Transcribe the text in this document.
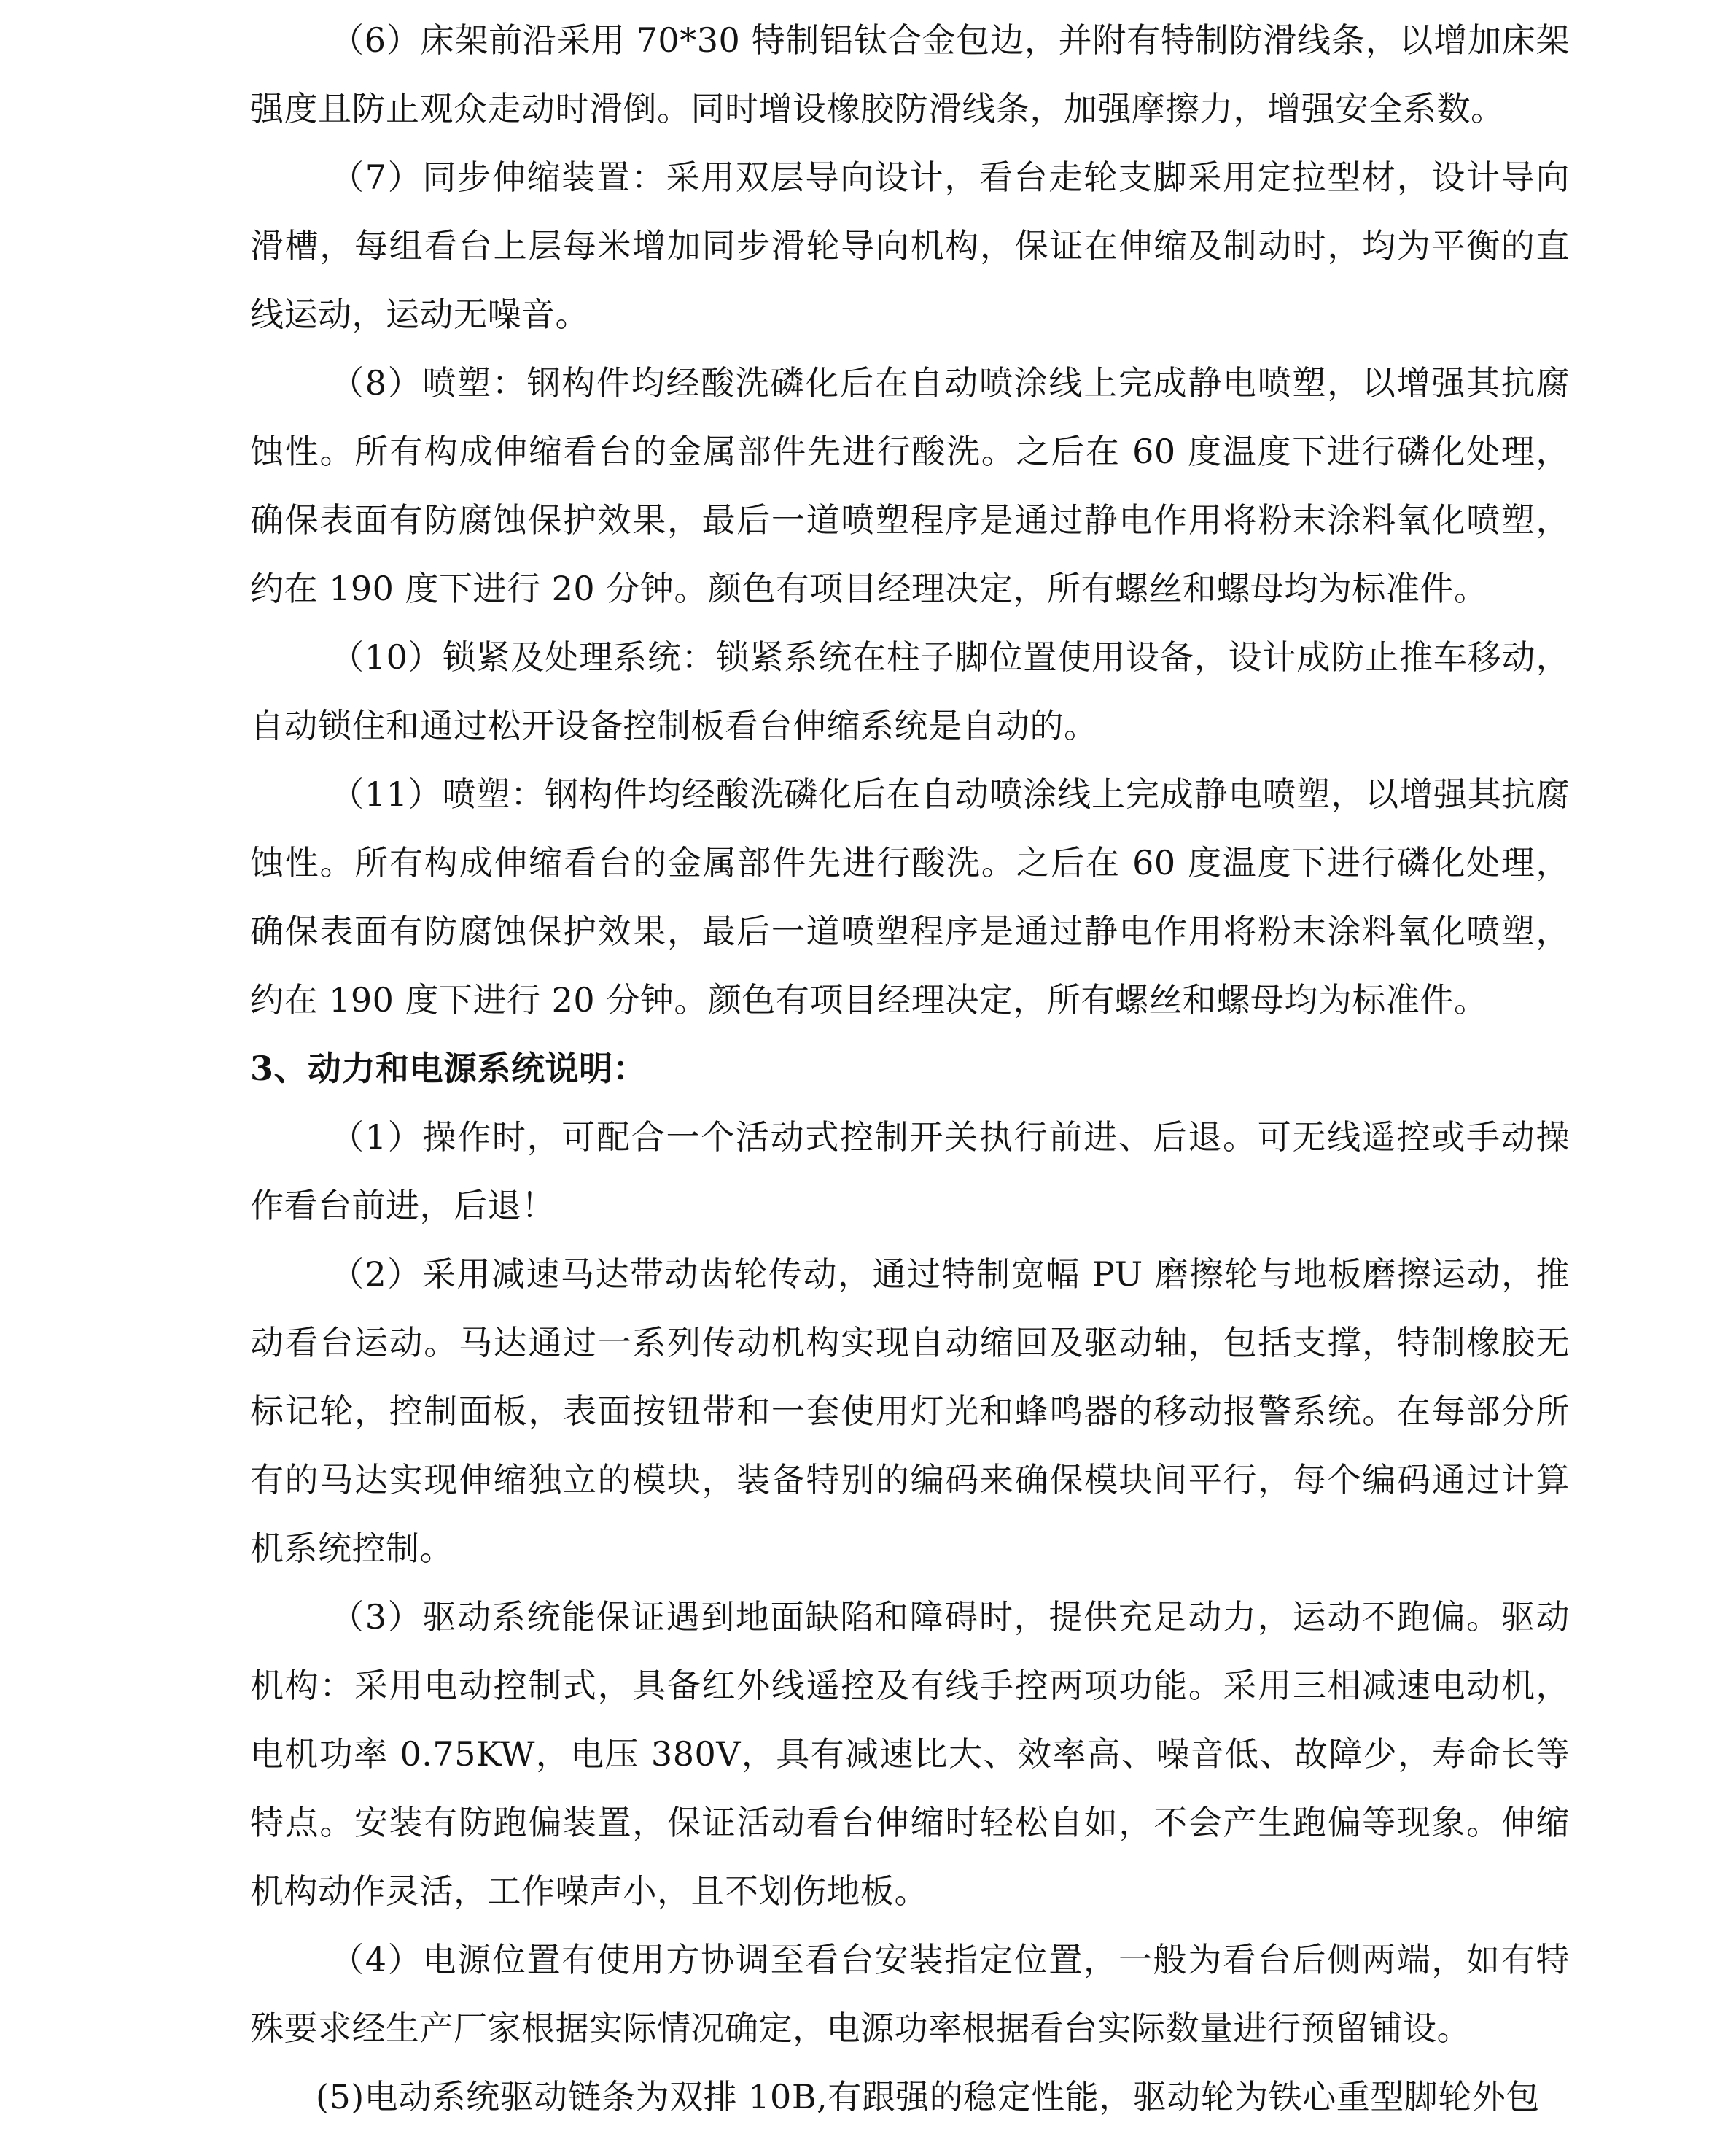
（6）床架前沿采用 70*30 特制铝钛合金包边，并附有特制防滑线条，以增加床架强度且防止观众走动时滑倒。同时增设橡胶防滑线条，加强摩擦力，增强安全系数。

（7）同步伸缩装置：采用双层导向设计，看台走轮支脚采用定拉型材，设计导向滑槽，每组看台上层每米增加同步滑轮导向机构，保证在伸缩及制动时，均为平衡的直线运动，运动无噪音。

（8）喷塑：钢构件均经酸洗磷化后在自动喷涂线上完成静电喷塑，以增强其抗腐蚀性。所有构成伸缩看台的金属部件先进行酸洗。之后在 60 度温度下进行磷化处理，确保表面有防腐蚀保护效果，最后一道喷塑程序是通过静电作用将粉末涂料氧化喷塑，约在 190 度下进行 20 分钟。颜色有项目经理决定，所有螺丝和螺母均为标准件。

（10）锁紧及处理系统：锁紧系统在柱子脚位置使用设备，设计成防止推车移动，自动锁住和通过松开设备控制板看台伸缩系统是自动的。

（11）喷塑：钢构件均经酸洗磷化后在自动喷涂线上完成静电喷塑，以增强其抗腐蚀性。所有构成伸缩看台的金属部件先进行酸洗。之后在 60 度温度下进行磷化处理，确保表面有防腐蚀保护效果，最后一道喷塑程序是通过静电作用将粉末涂料氧化喷塑，约在 190 度下进行 20 分钟。颜色有项目经理决定，所有螺丝和螺母均为标准件。

3、动力和电源系统说明：

（1）操作时，可配合一个活动式控制开关执行前进、后退。可无线遥控或手动操作看台前进，后退！

（2）采用减速马达带动齿轮传动，通过特制宽幅 PU 磨擦轮与地板磨擦运动，推动看台运动。马达通过一系列传动机构实现自动缩回及驱动轴，包括支撑，特制橡胶无标记轮，控制面板，表面按钮带和一套使用灯光和蜂鸣器的移动报警系统。在每部分所有的马达实现伸缩独立的模块，装备特别的编码来确保模块间平行，每个编码通过计算机系统控制。

（3）驱动系统能保证遇到地面缺陷和障碍时，提供充足动力，运动不跑偏。驱动机构：采用电动控制式，具备红外线遥控及有线手控两项功能。采用三相减速电动机，电机功率 0.75KW，电压 380V，具有减速比大、效率高、噪音低、故障少，寿命长等特点。安装有防跑偏装置，保证活动看台伸缩时轻松自如，不会产生跑偏等现象。伸缩机构动作灵活，工作噪声小，且不划伤地板。

（4）电源位置有使用方协调至看台安装指定位置，一般为看台后侧两端，如有特殊要求经生产厂家根据实际情况确定，电源功率根据看台实际数量进行预留铺设。

(5)电动系统驱动链条为双排 10B,有跟强的稳定性能，驱动轮为铁心重型脚轮外包
